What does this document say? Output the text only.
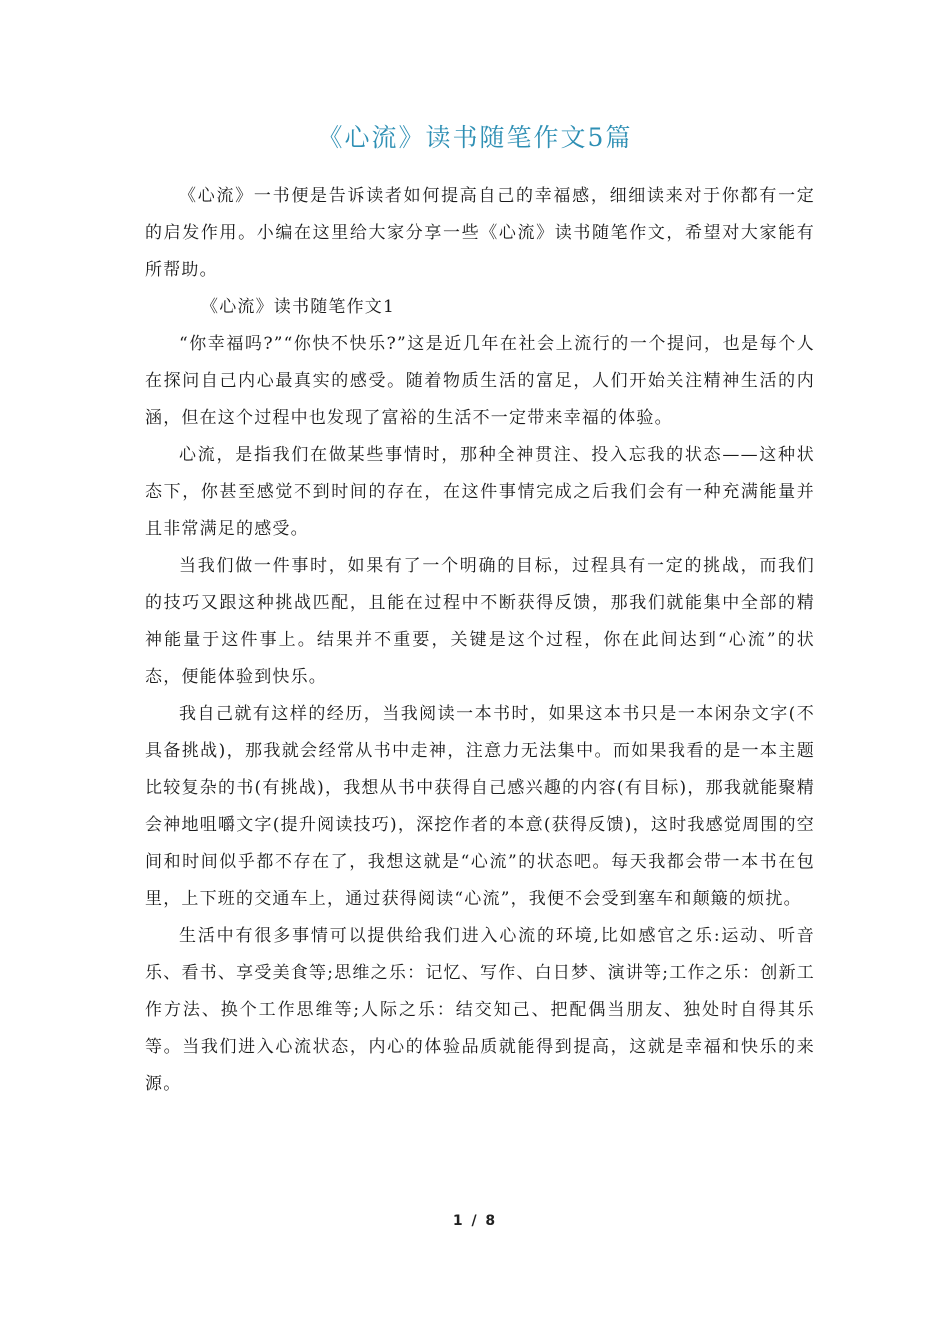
《心流》读书随笔作文5篇

《心流》一书便是告诉读者如何提高自己的幸福感，细细读来对于你都有一定的启发作用。小编在这里给大家分享一些《心流》读书随笔作文，希望对大家能有所帮助。

《心流》读书随笔作文1

“你幸福吗?”“你快不快乐?”这是近几年在社会上流行的一个提问，也是每个人在探问自己内心最真实的感受。随着物质生活的富足，人们开始关注精神生活的内涵，但在这个过程中也发现了富裕的生活不一定带来幸福的体验。

心流，是指我们在做某些事情时，那种全神贯注、投入忘我的状态——这种状态下，你甚至感觉不到时间的存在，在这件事情完成之后我们会有一种充满能量并且非常满足的感受。

当我们做一件事时，如果有了一个明确的目标，过程具有一定的挑战，而我们的技巧又跟这种挑战匹配，且能在过程中不断获得反馈，那我们就能集中全部的精神能量于这件事上。结果并不重要，关键是这个过程，你在此间达到“心流”的状态，便能体验到快乐。

我自己就有这样的经历，当我阅读一本书时，如果这本书只是一本闲杂文字(不具备挑战)，那我就会经常从书中走神，注意力无法集中。而如果我看的是一本主题比较复杂的书(有挑战)，我想从书中获得自己感兴趣的内容(有目标)，那我就能聚精会神地咀嚼文字(提升阅读技巧)，深挖作者的本意(获得反馈)，这时我感觉周围的空间和时间似乎都不存在了，我想这就是“心流”的状态吧。每天我都会带一本书在包里，上下班的交通车上，通过获得阅读“心流”，我便不会受到塞车和颠簸的烦扰。

生活中有很多事情可以提供给我们进入心流的环境,比如感官之乐:运动、听音乐、看书、享受美食等;思维之乐：记忆、写作、白日梦、演讲等;工作之乐：创新工作方法、换个工作思维等;人际之乐：结交知己、把配偶当朋友、独处时自得其乐等。当我们进入心流状态，内心的体验品质就能得到提高，这就是幸福和快乐的来源。

1 / 8
